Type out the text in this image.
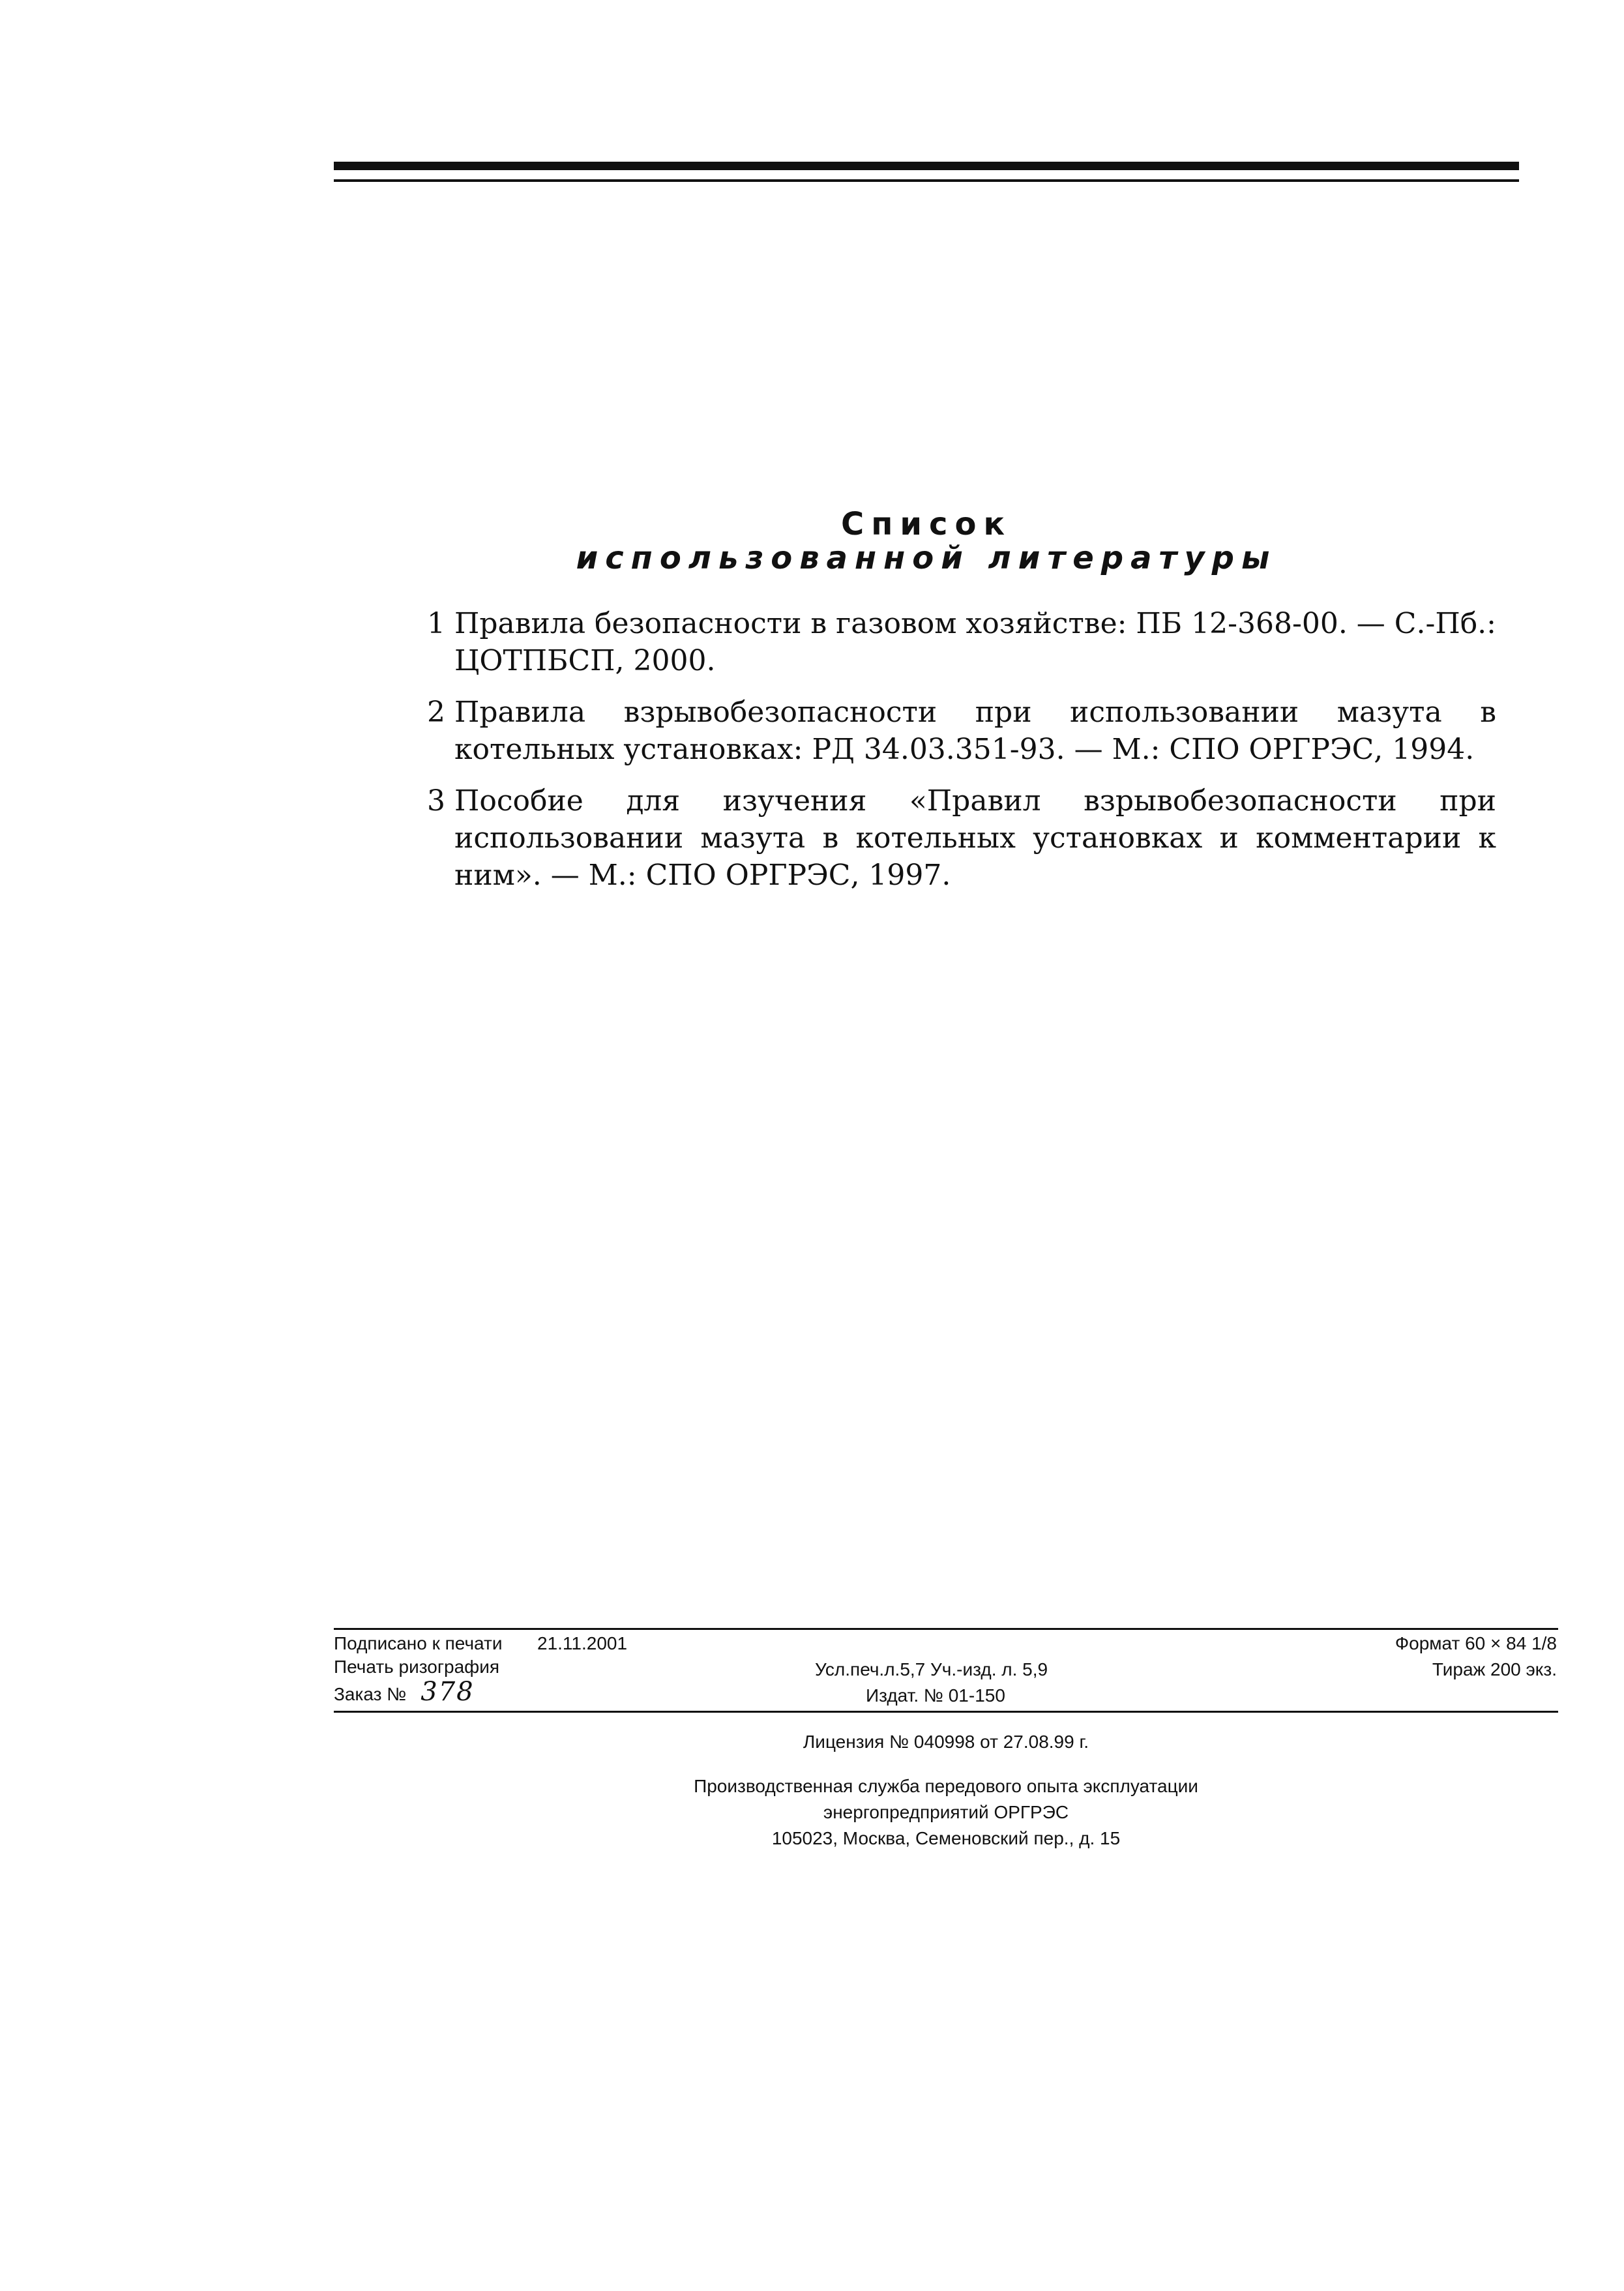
Список
использованной литературы
1 Правила безопасности в газовом хозяйстве: ПБ 12-368-00. — С.-Пб.: ЦОТПБСП, 2000.
2 Правила взрывобезопасности при использовании мазута в котельных установках: РД 34.03.351-93. — М.: СПО ОРГРЭС, 1994.
3 Пособие для изучения «Правил взрывобезопасности при использовании мазута в котельных установках и комментарии к ним». — М.: СПО ОРГРЭС, 1997.
Подписано к печати 21.11.2001	Формат 60 × 84 1/8
Печать ризография	Усл.печ.л.5,7 Уч.-изд. л. 5,9	Тираж 200 экз.
Заказ № 378	Издат. № 01-150
Лицензия № 040998 от 27.08.99 г.
Производственная служба передового опыта эксплуатации
энергопредприятий ОРГРЭС
105023, Москва, Семеновский пер., д. 15
